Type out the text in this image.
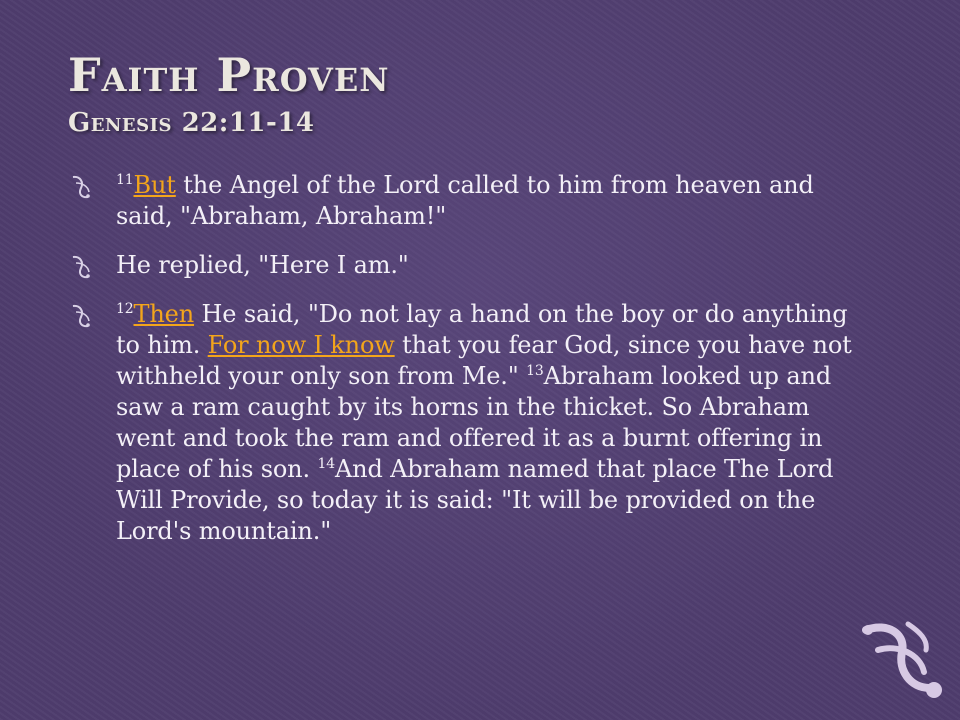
Faith Proven
Genesis 22:11-14
$^{11}$But the Angel of the Lord called to him from heaven and said, "Abraham, Abraham!"
He replied, "Here I am."
$^{12}$Then He said, "Do not lay a hand on the boy or do anything to him. For now I know that you fear God, since you have not withheld your only son from Me." $^{13}$Abraham looked up and saw a ram caught by its horns in the thicket. So Abraham went and took the ram and offered it as a burnt offering in place of his son. $^{14}$And Abraham named that place The Lord Will Provide, so today it is said: "It will be provided on the Lord's mountain."
